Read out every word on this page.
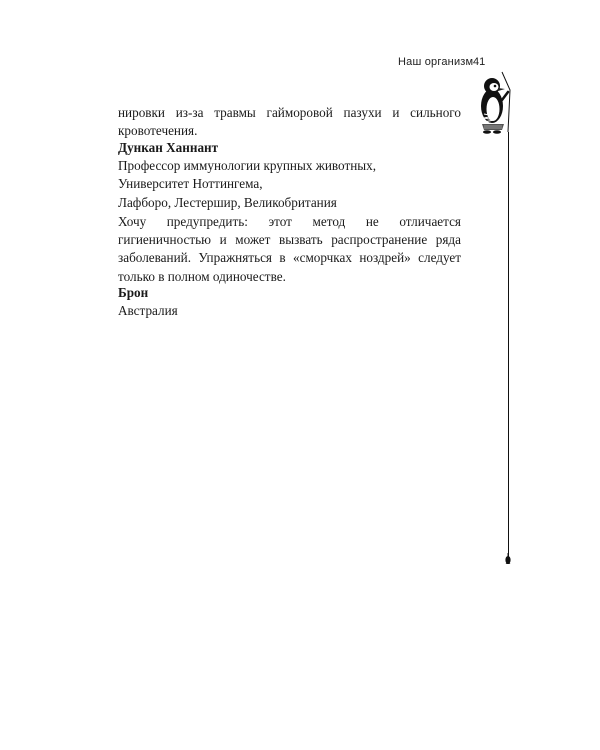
Наш организм 41

нировки из-за травмы гайморовой пазухи и сильного кровотечения.

Дункан Ханнант

Профессор иммунологии крупных животных,
Университет Ноттингема,
Лафборо, Лестершир, Великобритания

Хочу предупредить: этот метод не отличается гигиеничностью и может вызвать распространение ряда заболеваний. Упражняться в «сморчках ноздрей» следует только в полном одиночестве.

Брон

Австралия
